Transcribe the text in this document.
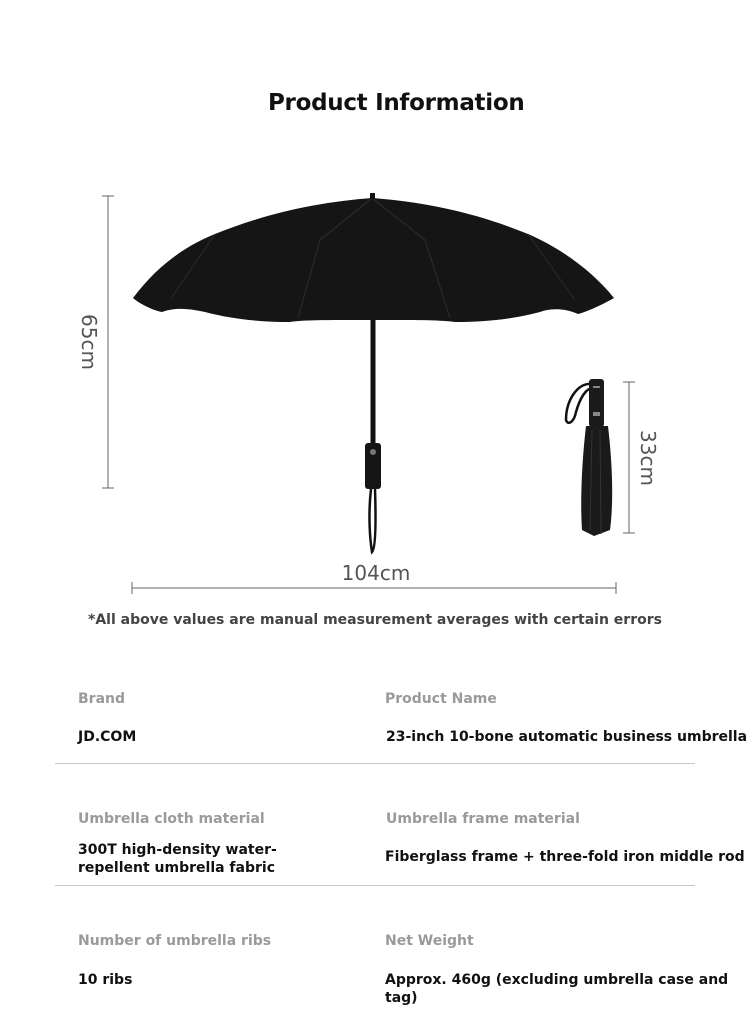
Product Information
65cm
104cm
33cm
*All above values are manual measurement averages with certain errors
Brand
JD.COM
Product Name
23-inch 10-bone automatic business umbrella
Umbrella cloth material
300T high-density water-repellent umbrella fabric
Umbrella frame material
Fiberglass frame + three-fold iron middle rod
Number of umbrella ribs
10 ribs
Net Weight
Approx. 460g (excluding umbrella case and tag)
